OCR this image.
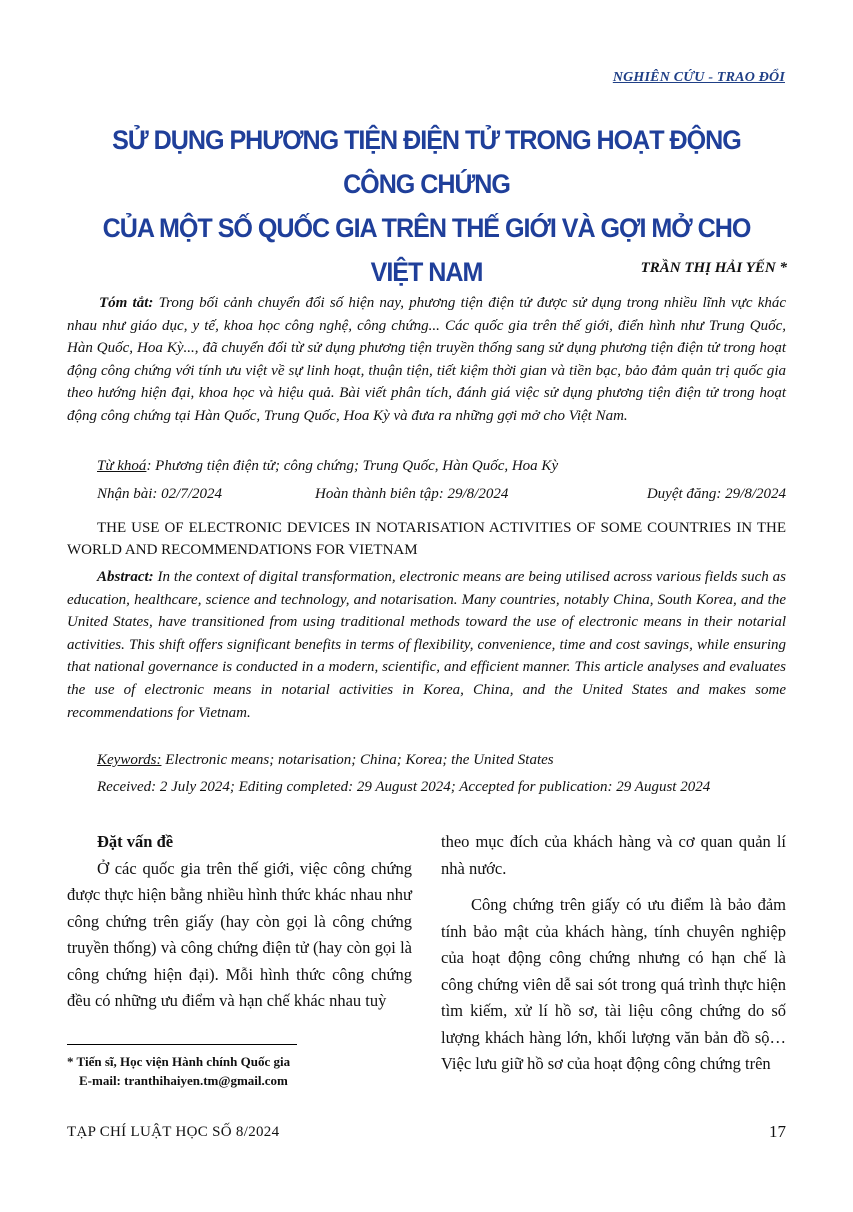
NGHIÊN CỨU - TRAO ĐỔI
SỬ DỤNG PHƯƠNG TIỆN ĐIỆN TỬ TRONG HOẠT ĐỘNG CÔNG CHỨNG
CỦA MỘT SỐ QUỐC GIA TRÊN THẾ GIỚI VÀ GỢI MỞ CHO VIỆT NAM	TRẦN THỊ HẢI YẾN *

Tóm tắt: Trong bối cảnh chuyển đổi số hiện nay, phương tiện điện tử được sử dụng trong nhiều lĩnh vực khác nhau như giáo dục, y tế, khoa học công nghệ, công chứng... Các quốc gia trên thế giới, điển hình như Trung Quốc, Hàn Quốc, Hoa Kỳ..., đã chuyển đổi từ sử dụng phương tiện truyền thống sang sử dụng phương tiện điện tử trong hoạt động công chứng với tính ưu việt về sự linh hoạt, thuận tiện, tiết kiệm thời gian và tiền bạc, bảo đảm quản trị quốc gia theo hướng hiện đại, khoa học và hiệu quả. Bài viết phân tích, đánh giá việc sử dụng phương tiện điện tử trong hoạt động công chứng tại Hàn Quốc, Trung Quốc, Hoa Kỳ và đưa ra những gợi mở cho Việt Nam.

Từ khoá: Phương tiện điện tử; công chứng; Trung Quốc, Hàn Quốc, Hoa Kỳ
Nhận bài: 02/7/2024	Hoàn thành biên tập: 29/8/2024	Duyệt đăng: 29/8/2024
THE USE OF ELECTRONIC DEVICES IN NOTARISATION ACTIVITIES OF SOME COUNTRIES IN THE WORLD AND RECOMMENDATIONS FOR VIETNAM

Abstract: In the context of digital transformation, electronic means are being utilised across various fields such as education, healthcare, science and technology, and notarisation. Many countries, notably China, South Korea, and the United States, have transitioned from using traditional methods toward the use of electronic means in their notarial activities. This shift offers significant benefits in terms of flexibility, convenience, time and cost savings, while ensuring that national governance is conducted in a modern, scientific, and efficient manner. This article analyses and evaluates the use of electronic means in notarial activities in Korea, China, and the United States and makes some recommendations for Vietnam.

Keywords: Electronic means; notarisation; China; Korea; the United States
Received: 2 July 2024; Editing completed: 29 August 2024; Accepted for publication: 29 August 2024

Đặt vấn đề

Ở các quốc gia trên thế giới, việc công chứng được thực hiện bằng nhiều hình thức khác nhau như công chứng trên giấy (hay còn gọi là công chứng truyền thống) và công chứng điện tử (hay còn gọi là công chứng hiện đại). Mỗi hình thức công chứng đều có những ưu điểm và hạn chế khác nhau tuỳ

theo mục đích của khách hàng và cơ quan quản lí nhà nước.

Công chứng trên giấy có ưu điểm là bảo đảm tính bảo mật của khách hàng, tính chuyên nghiệp của hoạt động công chứng nhưng có hạn chế là công chứng viên dễ sai sót trong quá trình thực hiện tìm kiếm, xử lí hồ sơ, tài liệu công chứng do số lượng khách hàng lớn, khối lượng văn bản đồ sộ… Việc lưu giữ hồ sơ của hoạt động công chứng trên

* Tiến sĩ, Học viện Hành chính Quốc gia
E-mail: tranthihaiyen.tm@gmail.com
TẠP CHÍ LUẬT HỌC SỐ 8/2024	17
